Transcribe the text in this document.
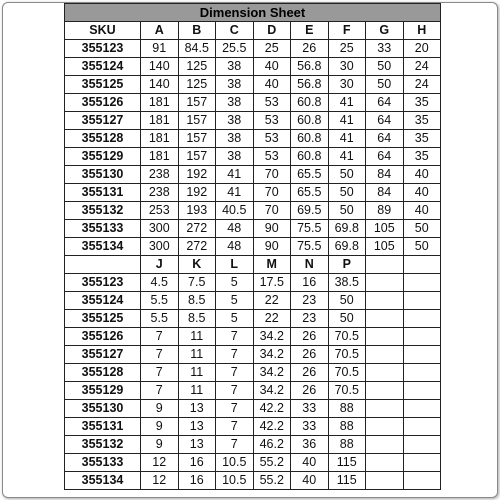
Dimension Sheet								
SKU	A	B	C	D	E	F	G	H
355123	91	84.5	25.5	25	26	25	33	20
355124	140	125	38	40	56.8	30	50	24
355125	140	125	38	40	56.8	30	50	24
355126	181	157	38	53	60.8	41	64	35
355127	181	157	38	53	60.8	41	64	35
355128	181	157	38	53	60.8	41	64	35
355129	181	157	38	53	60.8	41	64	35
355130	238	192	41	70	65.5	50	84	40
355131	238	192	41	70	65.5	50	84	40
355132	253	193	40.5	70	69.5	50	89	40
355133	300	272	48	90	75.5	69.8	105	50
355134	300	272	48	90	75.5	69.8	105	50
	J	K	L	M	N	P		
355123	4.5	7.5	5	17.5	16	38.5		
355124	5.5	8.5	5	22	23	50		
355125	5.5	8.5	5	22	23	50		
355126	7	11	7	34.2	26	70.5		
355127	7	11	7	34.2	26	70.5		
355128	7	11	7	34.2	26	70.5		
355129	7	11	7	34.2	26	70.5		
355130	9	13	7	42.2	33	88		
355131	9	13	7	42.2	33	88		
355132	9	13	7	46.2	36	88		
355133	12	16	10.5	55.2	40	115		
355134	12	16	10.5	55.2	40	115		
